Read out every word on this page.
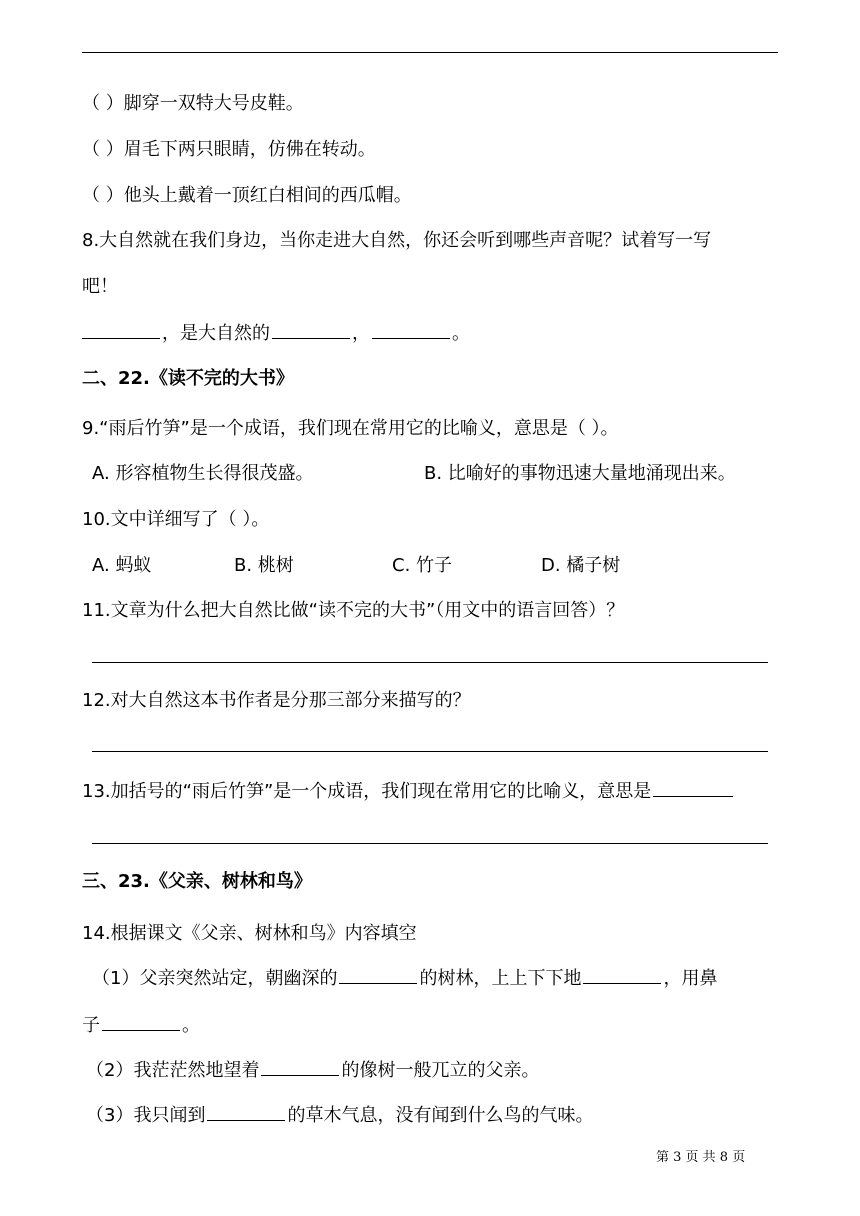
（ ）脚穿一双特大号皮鞋。
（ ）眉毛下两只眼睛，仿佛在转动。
（ ）他头上戴着一顶红白相间的西瓜帽。
8.大自然就在我们身边，当你走进大自然，你还会听到哪些声音呢？试着写一写
吧！
，是大自然的	，	。
二、22.《读不完的大书》
9.“雨后竹笋”是一个成语，我们现在常用它的比喻义，意思是（ ）。
A. 形容植物生长得很茂盛。	B. 比喻好的事物迅速大量地涌现出来。
10.文中详细写了（ ）。
A. 蚂蚁	B. 桃树	C. 竹子	D. 橘子树
11.文章为什么把大自然比做“读不完的大书”（用文中的语言回答）？
12.对大自然这本书作者是分那三部分来描写的？
13.加括号的“雨后竹笋”是一个成语，我们现在常用它的比喻义，意思是
三、23.《父亲、树林和鸟》
14.根据课文《父亲、树林和鸟》内容填空
（1）父亲突然站定，朝幽深的	的树林，上上下下地	，用鼻
子	。
（2）我茫茫然地望着	的像树一般兀立的父亲。
（3）我只闻到	的草木气息，没有闻到什么鸟的气味。
第 3 页 共 8 页
